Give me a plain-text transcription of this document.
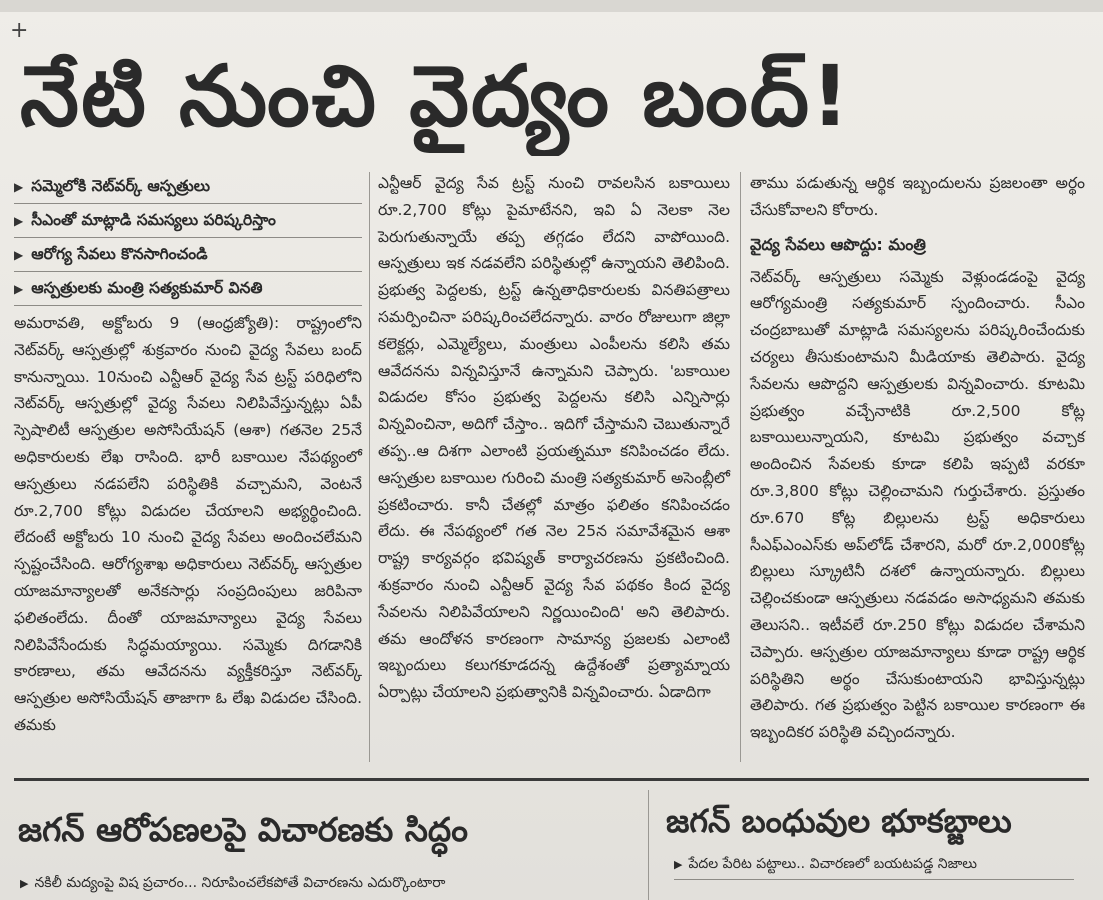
+
నేటి నుంచి వైద్యం బంద్!
▶ సమ్మెలోకి నెట్‌వర్క్ ఆస్పత్రులు
▶ సీఎంతో మాట్లాడి సమస్యలు పరిష్కరిస్తాం
▶ ఆరోగ్య సేవలు కొనసాగించండి
▶ ఆస్పత్రులకు మంత్రి సత్యకుమార్ వినతి

అమరావతి, అక్టోబరు 9 (ఆంధ్రజ్యోతి): రాష్ట్రంలోని నెట్‌వర్క్ ఆస్పత్రుల్లో శుక్రవారం నుంచి వైద్య సేవలు బంద్ కానున్నాయి. 10నుంచి ఎన్టీఆర్ వైద్య సేవ ట్రస్ట్ పరిధిలోని నెట్‌వర్క్ ఆస్పత్రుల్లో వైద్య సేవలు నిలిపివేస్తున్నట్లు ఏపీ స్పెషాలిటీ ఆస్పత్రుల అసోసియేషన్ (ఆశా) గతనెల 25నే అధికారులకు లేఖ రాసింది. భారీ బకాయిల నేపథ్యంలో ఆస్పత్రులు నడపలేని పరిస్థితికి వచ్చామని, వెంటనే రూ.2,700 కోట్లు విడుదల చేయాలని అభ్యర్థించింది. లేదంటే అక్టోబరు 10 నుంచి వైద్య సేవలు అందించలేమని స్పష్టంచేసింది. ఆరోగ్యశాఖ అధికారులు నెట్‌వర్క్ ఆస్పత్రుల యాజమాన్యాలతో అనేకసార్లు సంప్రదింపులు జరిపినా ఫలితంలేదు. దీంతో యాజమాన్యాలు వైద్య సేవలు నిలిపివేసేందుకు సిద్ధమయ్యాయి. సమ్మెకు దిగడానికి కారణాలు, తమ ఆవేదనను వ్యక్తీకరిస్తూ నెట్‌వర్క్ ఆస్పత్రుల అసోసియేషన్ తాజాగా ఓ లేఖ విడుదల చేసింది. తమకు

ఎన్టీఆర్ వైద్య సేవ ట్రస్ట్ నుంచి రావలసిన బకాయిలు రూ.2,700 కోట్లు పైమాటేనని, ఇవి ఏ నెలకా నెల పెరుగుతున్నాయే తప్ప తగ్గడం లేదని వాపోయింది. ఆస్పత్రులు ఇక నడవలేని పరిస్థితుల్లో ఉన్నాయని తెలిపింది. ప్రభుత్వ పెద్దలకు, ట్రస్ట్ ఉన్నతాధికారులకు వినతిపత్రాలు సమర్పించినా పరిష్కరించలేదన్నారు. వారం రోజులుగా జిల్లా కలెక్టర్లు, ఎమ్మెల్యేలు, మంత్రులు ఎంపీలను కలిసి తమ ఆవేదనను విన్నవిస్తూనే ఉన్నామని చెప్పారు. 'బకాయిల విడుదల కోసం ప్రభుత్వ పెద్దలను కలిసి ఎన్నిసార్లు విన్నవించినా, అదిగో చేస్తాం.. ఇదిగో చేస్తామని చెబుతున్నారే తప్ప..ఆ దిశగా ఎలాంటి ప్రయత్నమూ కనిపించడం లేదు. ఆస్పత్రుల బకాయిల గురించి మంత్రి సత్యకుమార్ అసెంబ్లీలో ప్రకటించారు. కానీ చేతల్లో మాత్రం ఫలితం కనిపించడం లేదు. ఈ నేపథ్యంలో గత నెల 25న సమావేశమైన ఆశా రాష్ట్ర కార్యవర్గం భవిష్యత్ కార్యాచరణను ప్రకటించింది. శుక్రవారం నుంచి ఎన్టీఆర్ వైద్య సేవ పథకం కింద వైద్య సేవలను నిలిపివేయాలని నిర్ణయించింది' అని తెలిపారు. తమ ఆందోళన కారణంగా సామాన్య ప్రజలకు ఎలాంటి ఇబ్బందులు కలుగకూడదన్న ఉద్దేశంతో ప్రత్యామ్నాయ ఏర్పాట్లు చేయాలని ప్రభుత్వానికి విన్నవించారు. ఏడాదిగా

తాము పడుతున్న ఆర్థిక ఇబ్బందులను ప్రజలంతా అర్థం చేసుకోవాలని కోరారు.

వైద్య సేవలు ఆపొద్దు: మంత్రి

నెట్‌వర్క్ ఆస్పత్రులు సమ్మెకు వెళ్లుండడంపై వైద్య ఆరోగ్యమంత్రి సత్యకుమార్ స్పందించారు. సీఎం చంద్రబాబుతో మాట్లాడి సమస్యలను పరిష్కరించేందుకు చర్యలు తీసుకుంటామని మీడియాకు తెలిపారు. వైద్య సేవలను ఆపొద్దని ఆస్పత్రులకు విన్నవించారు. కూటమి ప్రభుత్వం వచ్చేనాటికి రూ.2,500 కోట్ల బకాయిలున్నాయని, కూటమి ప్రభుత్వం వచ్చాక అందించిన సేవలకు కూడా కలిపి ఇప్పటి వరకూ రూ.3,800 కోట్లు చెల్లించామని గుర్తుచేశారు. ప్రస్తుతం రూ.670 కోట్ల బిల్లులను ట్రస్ట్ అధికారులు సీఎఫ్ఎంఎస్‌కు అప్‌లోడ్ చేశారని, మరో రూ.2,000కోట్ల బిల్లులు స్క్రూటినీ దశలో ఉన్నాయన్నారు. బిల్లులు చెల్లించకుండా ఆస్పత్రులు నడవడం అసాధ్యమని తమకు తెలుసని.. ఇటీవలే రూ.250 కోట్లు విడుదల చేశామని చెప్పారు. ఆస్పత్రుల యాజమాన్యాలు కూడా రాష్ట్ర ఆర్థిక పరిస్థితిని అర్థం చేసుకుంటాయని భావిస్తున్నట్లు తెలిపారు. గత ప్రభుత్వం పెట్టిన బకాయిల కారణంగా ఈ ఇబ్బందికర పరిస్థితి వచ్చిందన్నారు.

జగన్ ఆరోపణలపై విచారణకు సిద్ధం
▶ నకిలీ మద్యంపై విష ప్రచారం... నిరూపించలేకపోతే విచారణను ఎదుర్కొంటారా
జగన్ బంధువుల భూకబ్జాలు
▶ పేదల పేరిట పట్టాలు.. విచారణలో బయటపడ్డ నిజాలు
